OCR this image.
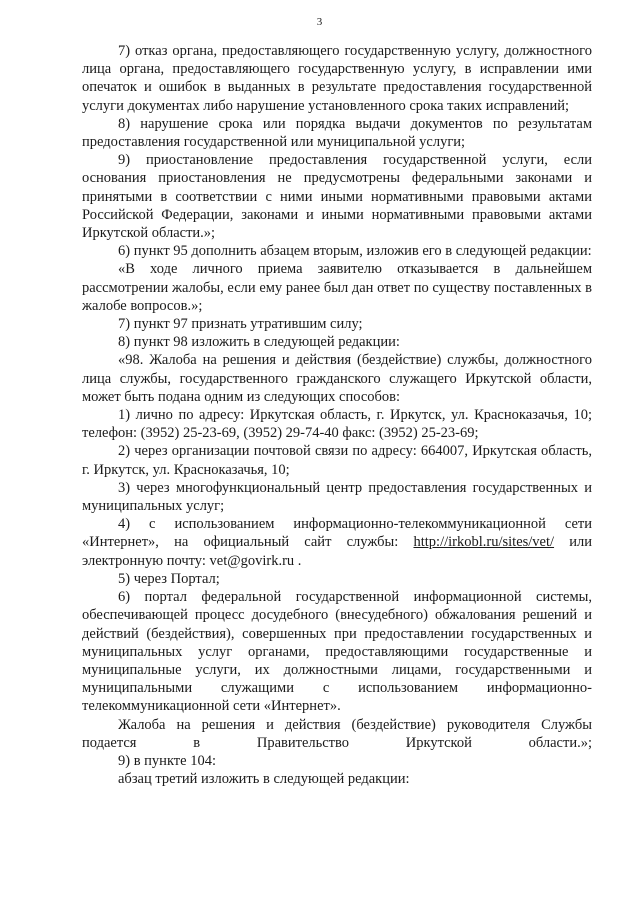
3

7) отказ органа, предоставляющего государственную услугу, должностного лица органа, предоставляющего государственную услугу, в исправлении ими опечаток и ошибок в выданных в результате предоставления государственной услуги документах либо нарушение установленного срока таких исправлений;

8) нарушение срока или порядка выдачи документов по результатам предоставления государственной или муниципальной услуги;

9) приостановление предоставления государственной услуги, если основания приостановления не предусмотрены федеральными законами и принятыми в соответствии с ними иными нормативными правовыми актами Российской Федерации, законами и иными нормативными правовыми актами Иркутской области.»;

6) пункт 95 дополнить абзацем вторым, изложив его в следующей редакции:

«В ходе личного приема заявителю отказывается в дальнейшем рассмотрении жалобы, если ему ранее был дан ответ по существу поставленных в жалобе вопросов.»;

7) пункт 97 признать утратившим силу;

8) пункт 98 изложить в следующей редакции:

«98. Жалоба на решения и действия (бездействие) службы, должностного лица службы, государственного гражданского служащего Иркутской области, может быть подана одним из следующих способов:

1) лично по адресу: Иркутская область, г. Иркутск, ул. Красноказачья, 10; телефон: (3952) 25-23-69, (3952) 29-74-40 факс: (3952) 25-23-69;

2) через организации почтовой связи по адресу: 664007, Иркутская область, г. Иркутск, ул. Красноказачья, 10;

3) через многофункциональный центр предоставления государственных и муниципальных услуг;

4) с использованием информационно-телекоммуникационной сети «Интернет», на официальный сайт службы: http://irkobl.ru/sites/vet/ или электронную почту: vet@govirk.ru .

5) через Портал;

6) портал федеральной государственной информационной системы, обеспечивающей процесс досудебного (внесудебного) обжалования решений и действий (бездействия), совершенных при предоставлении государственных и муниципальных услуг органами, предоставляющими государственные и муниципальные услуги, их должностными лицами, государственными и муниципальными служащими с использованием информационно-телекоммуникационной сети «Интернет».

Жалоба на решения и действия (бездействие) руководителя Службы подается в Правительство Иркутской области.»;

9) в пункте 104:

абзац третий изложить в следующей редакции:
